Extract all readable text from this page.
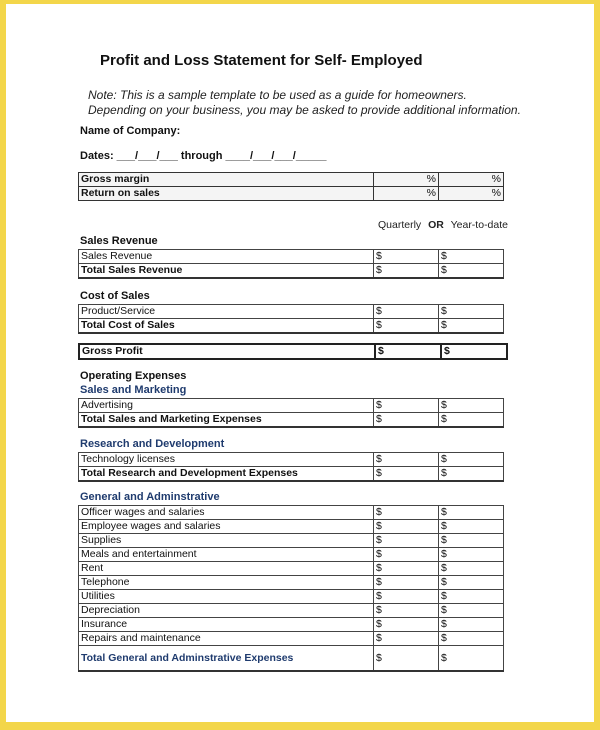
Profit and Loss Statement for Self- Employed
Note: This is a sample template to be used as a guide for homeowners.
Depending on your business, you may be asked to provide additional information.
Name of Company:
Dates: ___/___/___ through ____/___/___/_____
Gross margin	%	%
Return on sales	%	%
Quarterly OR Year-to-date
Sales Revenue
Sales Revenue	$	$
Total Sales Revenue	$	$
Cost of Sales
Product/Service	$	$
Total Cost of Sales	$	$
Gross Profit	$	$
Operating Expenses
Sales and Marketing
Advertising	$	$
Total Sales and Marketing Expenses	$	$
Research and Development
Technology licenses	$	$
Total Research and Development Expenses	$	$
General and Adminstrative
Officer wages and salaries	$	$
Employee wages and salaries	$	$
Supplies	$	$
Meals and entertainment	$	$
Rent	$	$
Telephone	$	$
Utilities	$	$
Depreciation	$	$
Insurance	$	$
Repairs and maintenance	$	$
Total General and Adminstrative Expenses	$	$
